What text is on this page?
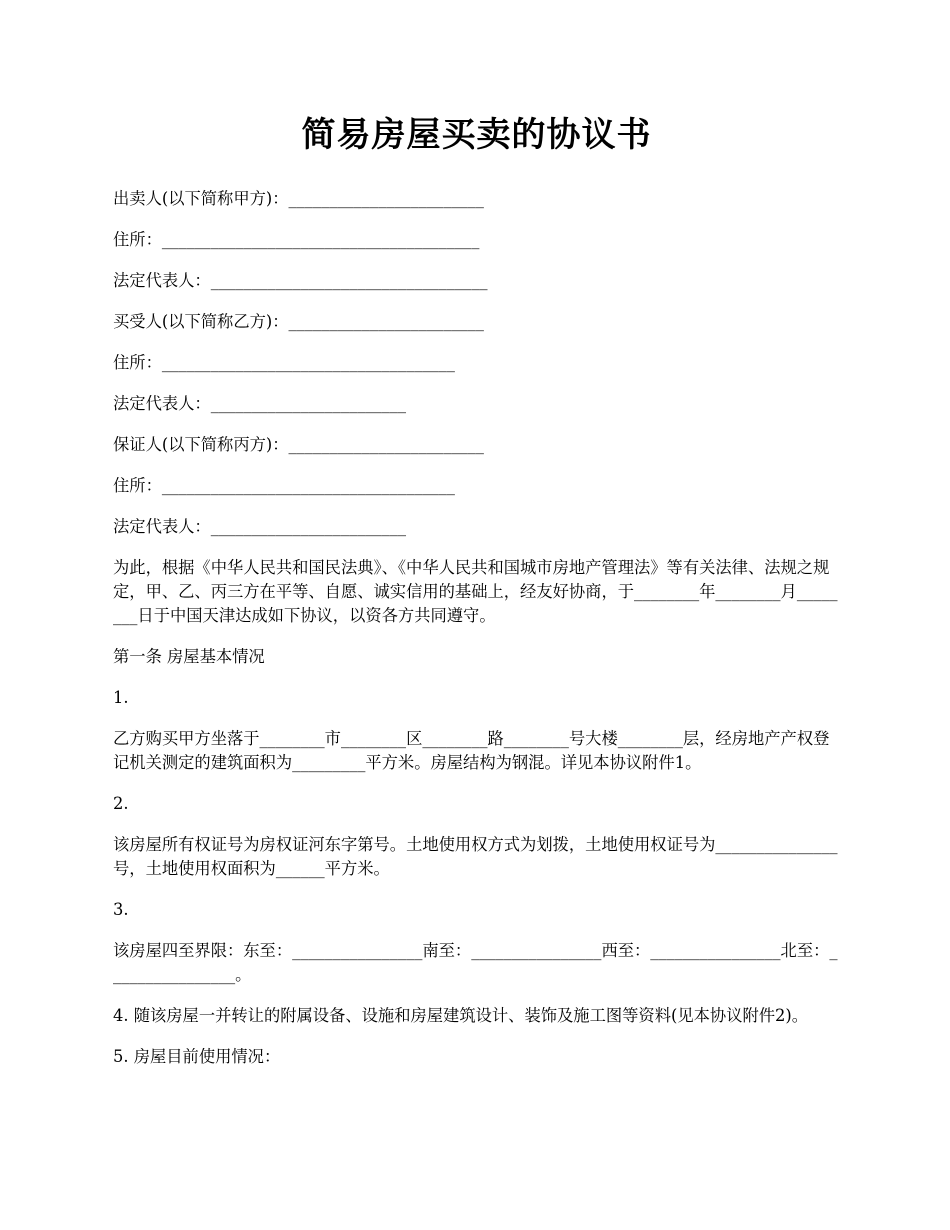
简易房屋买卖的协议书

出卖人(以下简称甲方)：________________________

住所：_______________________________________

法定代表人：__________________________________

买受人(以下简称乙方)：________________________

住所：____________________________________

法定代表人：________________________

保证人(以下简称丙方)：________________________

住所：____________________________________

法定代表人：________________________

为此，根据《中华人民共和国民法典》、《中华人民共和国城市房地产管理法》等有关法律、法规之规定，甲、乙、丙三方在平等、自愿、诚实信用的基础上，经友好协商，于________年________月________日于中国天津达成如下协议，以资各方共同遵守。

第一条 房屋基本情况

1.

乙方购买甲方坐落于________市________区________路________号大楼________层，经房地产产权登记机关测定的建筑面积为_________平方米。房屋结构为钢混。详见本协议附件1。

2.

该房屋所有权证号为房权证河东字第号。土地使用权方式为划拨，土地使用权证号为_______________号，土地使用权面积为______平方米。

3.

该房屋四至界限：东至：________________南至：________________西至：________________北至：________________。

4. 随该房屋一并转让的附属设备、设施和房屋建筑设计、装饰及施工图等资料(见本协议附件2)。

5. 房屋目前使用情况：
